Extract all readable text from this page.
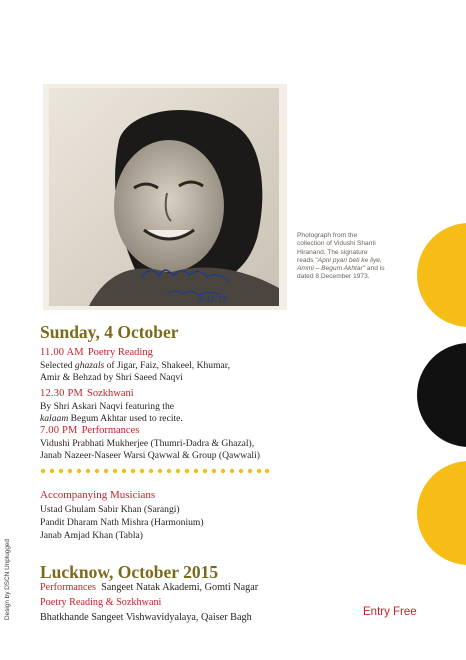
8-12-73
Photograph from the collection of Vidushi Shanti Hiranand. The signature reads "Apni pyari beti ke liye, Ammi – Begum Akhtar" and is dated 8 December 1973.
Sunday, 4 October
11.00 AM Poetry Reading
Selected ghazals of Jigar, Faiz, Shakeel, Khumar,
Amir & Behzad by Shri Saeed Naqvi
12.30 PM Sozkhwani
By Shri Askari Naqvi featuring the
kalaam Begum Akhtar used to recite.
7.00 PM Performances
Vidushi Prabhati Mukherjee (Thumri-Dadra & Ghazal),
Janab Nazeer-Naseer Warsi Qawwal & Group (Qawwali)
Accompanying Musicians
Ustad Ghulam Sabir Khan (Sarangi)
Pandit Dharam Nath Mishra (Harmonium)
Janab Amjad Khan (Tabla)
Lucknow, October 2015
Performances Sangeet Natak Akademi, Gomti Nagar
Poetry Reading & Sozkhwani
Bhatkhande Sangeet Vishwavidyalaya, Qaiser Bagh	Entry Free
Design by DSCN Unplugged
